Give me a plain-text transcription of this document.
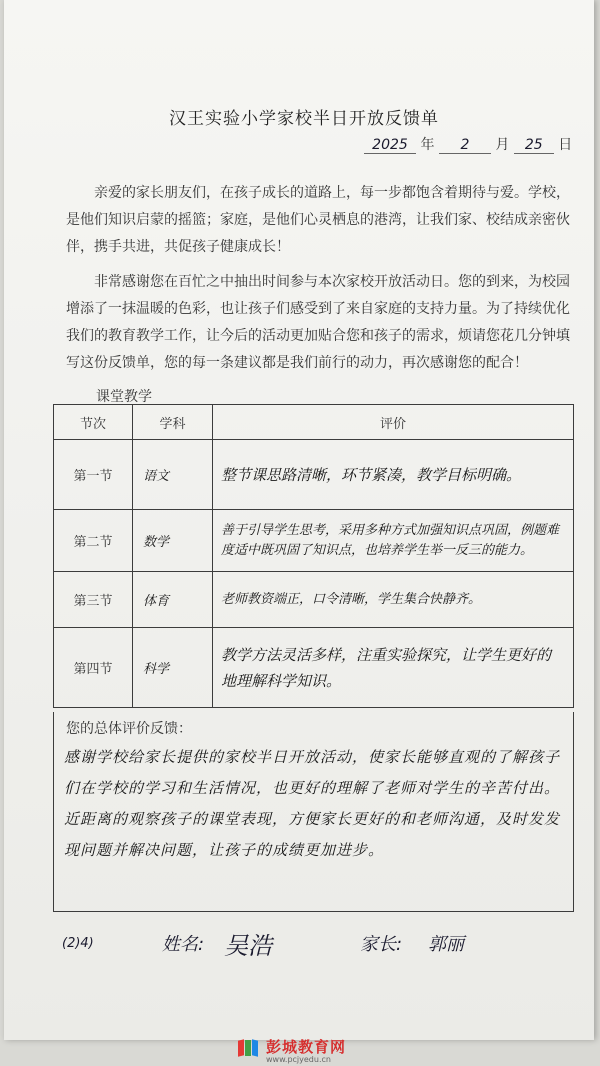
汉王实验小学家校半日开放反馈单
2025 年 2 月 25 日
亲爱的家长朋友们，在孩子成长的道路上，每一步都饱含着期待与爱。学校，是他们知识启蒙的摇篮；家庭，是他们心灵栖息的港湾，让我们家、校结成亲密伙伴，携手共进，共促孩子健康成长！
非常感谢您在百忙之中抽出时间参与本次家校开放活动日。您的到来，为校园增添了一抹温暖的色彩，也让孩子们感受到了来自家庭的支持力量。为了持续优化我们的教育教学工作，让今后的活动更加贴合您和孩子的需求，烦请您花几分钟填写这份反馈单，您的每一条建议都是我们前行的动力，再次感谢您的配合！
课堂教学
节次	学科	评价
第一节	语文	整节课思路清晰，环节紧凑，教学目标明确。
第二节	数学	善于引导学生思考，采用多种方式加强知识点巩固，例题难度适中既巩固了知识点，也培养学生举一反三的能力。
第三节	体育	老师教资端正，口令清晰，学生集合快静齐。
第四节	科学	教学方法灵活多样，注重实验探究，让学生更好的地理解科学知识。
您的总体评价反馈：
感谢学校给家长提供的家校半日开放活动，使家长能够直观的了解孩子们在学校的学习和生活情况，也更好的理解了老师对学生的辛苦付出。近距离的观察孩子的课堂表现，方便家长更好的和老师沟通，及时发发现问题并解决问题，让孩子的成绩更加进步。
(2)4)	姓名: 吴浩	家长: 郭丽
彭城教育网
www.pcjyedu.cn
